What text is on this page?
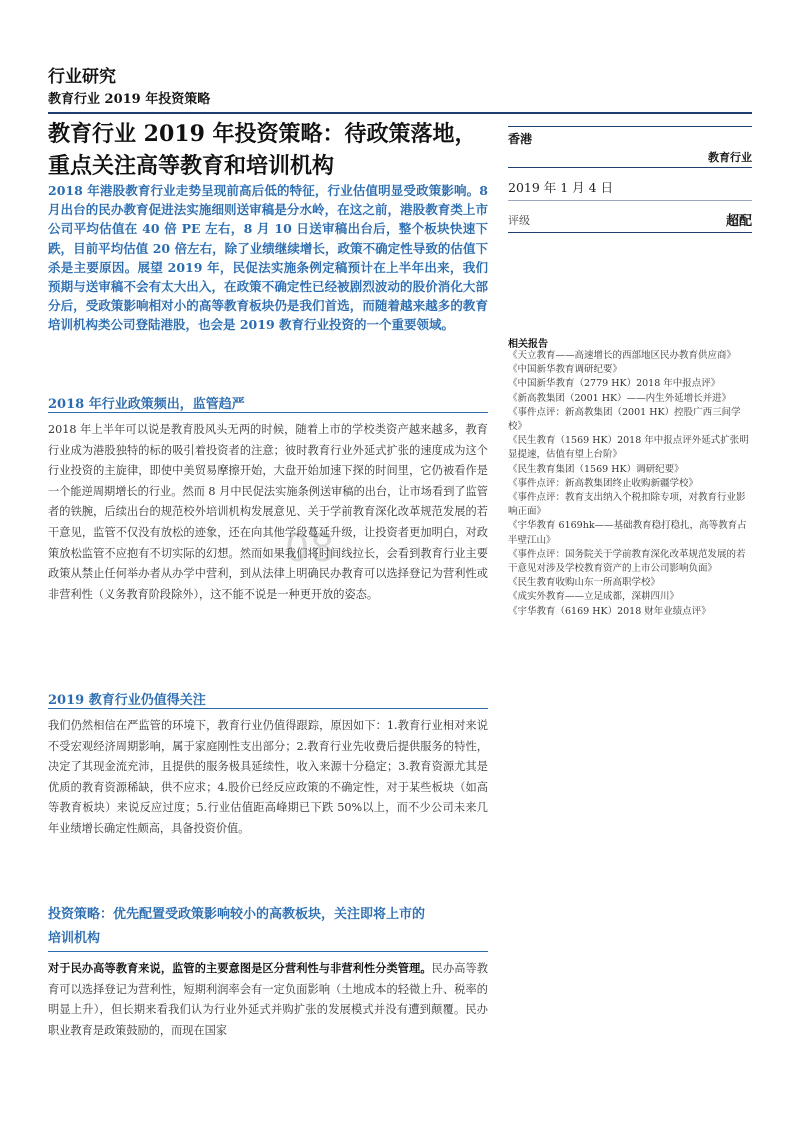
08
行业研究
教育行业 2019 年投资策略
教育行业 2019 年投资策略：待政策落地，
重点关注高等教育和培训机构
2018 年港股教育行业走势呈现前高后低的特征，行业估值明显受政策影响。8 月出台的民办教育促进法实施细则送审稿是分水岭，在这之前，港股教育类上市公司平均估值在 40 倍 PE 左右，8 月 10 日送审稿出台后，整个板块快速下跌，目前平均估值 20 倍左右，除了业绩继续增长，政策不确定性导致的估值下杀是主要原因。展望 2019 年，民促法实施条例定稿预计在上半年出来，我们预期与送审稿不会有太大出入，在政策不确定性已经被剧烈波动的股价消化大部分后，受政策影响相对小的高等教育板块仍是我们首选，而随着越来越多的教育培训机构类公司登陆港股，也会是 2019 教育行业投资的一个重要领域。
2018 年行业政策频出，监管趋严
2018 年上半年可以说是教育股风头无两的时候，随着上市的学校类资产越来越多，教育行业成为港股独特的标的吸引着投资者的注意；彼时教育行业外延式扩张的速度成为这个行业投资的主旋律，即使中美贸易摩擦开始，大盘开始加速下探的时间里，它仍被看作是一个能逆周期增长的行业。然而 8 月中民促法实施条例送审稿的出台，让市场看到了监管者的铁腕，后续出台的规范校外培训机构发展意见、关于学前教育深化改革规范发展的若干意见，监管不仅没有放松的迹象，还在向其他学段蔓延升级，让投资者更加明白，对政策放松监管不应抱有不切实际的幻想。然而如果我们将时间线拉长，会看到教育行业主要政策从禁止任何举办者从办学中营利，到从法律上明确民办教育可以选择登记为营利性或非营利性（义务教育阶段除外），这不能不说是一种更开放的姿态。
2019 教育行业仍值得关注
我们仍然相信在严监管的环境下，教育行业仍值得跟踪，原因如下：1.教育行业相对来说不受宏观经济周期影响，属于家庭刚性支出部分；2.教育行业先收费后提供服务的特性，决定了其现金流充沛，且提供的服务极具延续性，收入来源十分稳定；3.教育资源尤其是优质的教育资源稀缺，供不应求；4.股价已经反应政策的不确定性，对于某些板块（如高等教育板块）来说反应过度；5.行业估值距高峰期已下跌 50%以上，而不少公司未来几年业绩增长确定性颇高，具备投资价值。
投资策略：优先配置受政策影响较小的高教板块，关注即将上市的
培训机构
对于民办高等教育来说，监管的主要意图是区分营利性与非营利性分类管理。民办高等教育可以选择登记为营利性，短期利润率会有一定负面影响（土地成本的轻微上升、税率的明显上升），但长期来看我们认为行业外延式并购扩张的发展模式并没有遭到颠覆。民办职业教育是政策鼓励的，而现在国家
香港
教育行业
2019 年 1 月 4 日
评级	超配
相关报告
《天立教育——高速增长的西部地区民办教育供应商》
《中国新华教育调研纪要》
《中国新华教育（2779 HK）2018 年中报点评》
《新高教集团（2001 HK）——内生外延增长并进》
《事件点评：新高教集团（2001 HK）控股广西三间学校》
《民生教育（1569 HK）2018 年中报点评外延式扩张明显提速，估值有望上台阶》
《民生教育集团（1569 HK）调研纪要》
《事件点评：新高教集团终止收购新疆学校》
《事件点评：教育支出纳入个税扣除专项，对教育行业影响正面》
《宇华教育 6169hk——基础教育稳打稳扎，高等教育占半壁江山》
《事件点评：国务院关于学前教育深化改革规范发展的若干意见对涉及学校教育资产的上市公司影响负面》
《民生教育收购山东一所高职学校》
《成实外教育——立足成都，深耕四川》
《宇华教育（6169 HK）2018 财年业绩点评》
